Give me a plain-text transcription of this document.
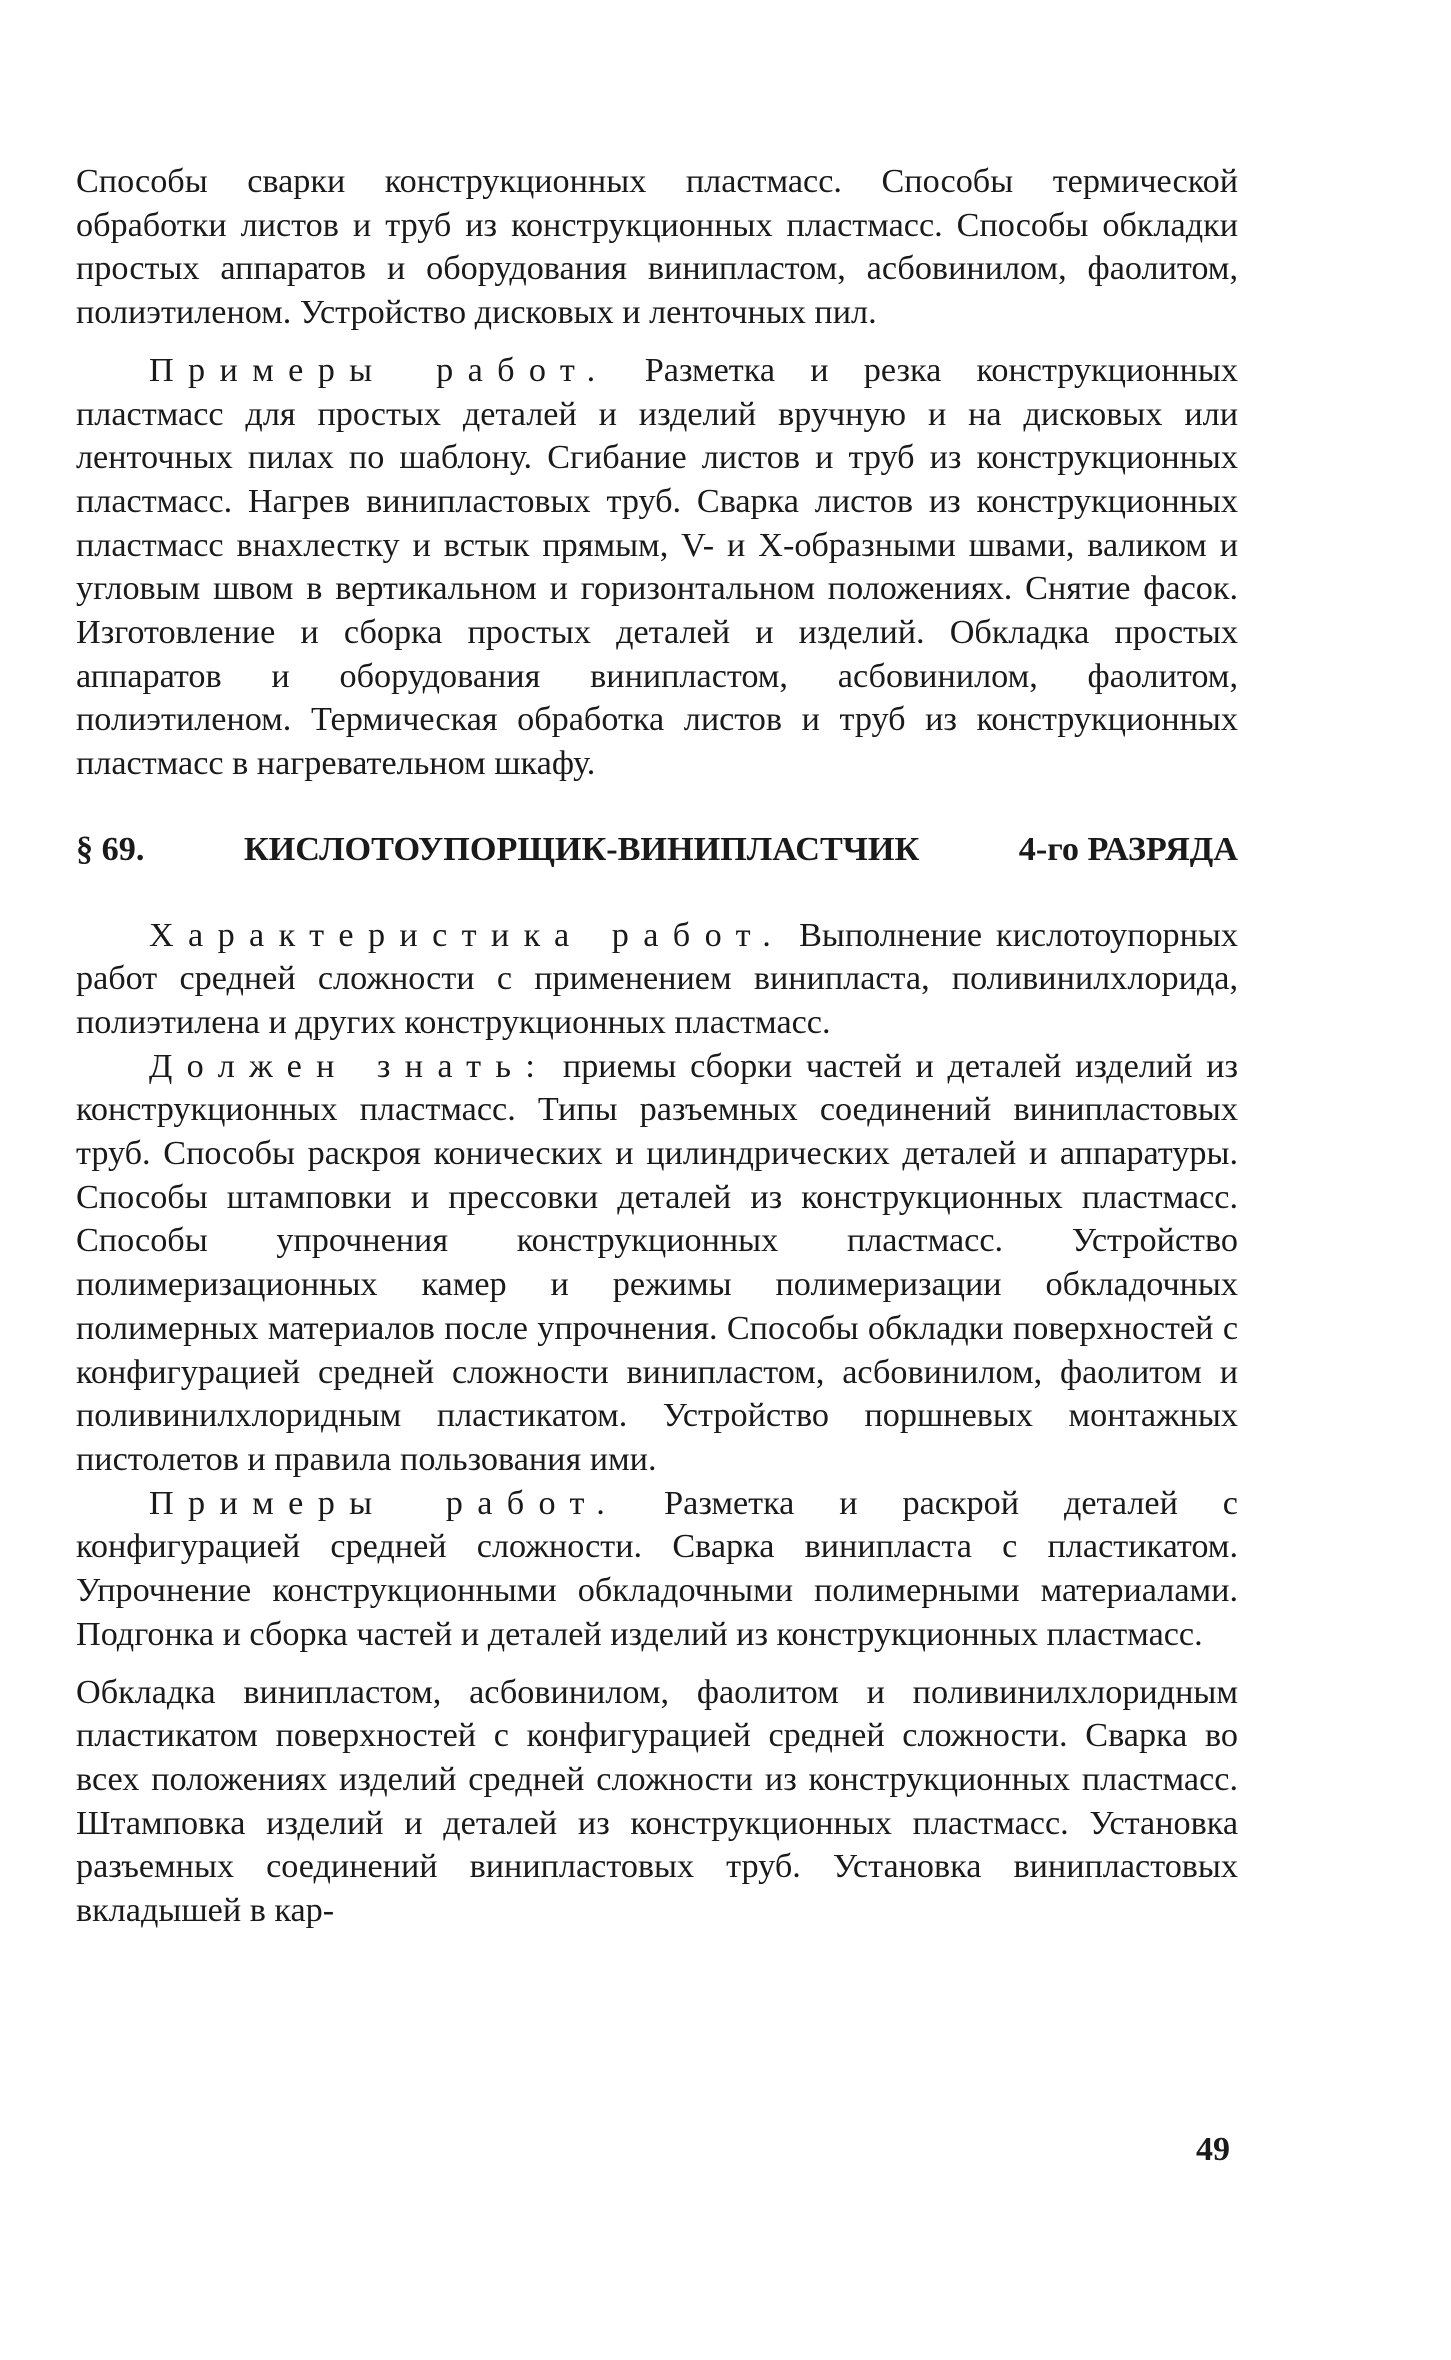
Способы сварки конструкционных пластмасс. Способы термической обработки листов и труб из конструкционных пластмасс. Способы обкладки простых аппаратов и оборудования винипластом, асбовинилом, фаолитом, полиэтиленом. Устройство дисковых и ленточных пил.

Примеры работ. Разметка и резка конструкционных пластмасс для простых деталей и изделий вручную и на дисковых или ленточных пилах по шаблону. Сгибание листов и труб из конструкционных пластмасс. Нагрев винипластовых труб. Сварка листов из конструкционных пластмасс внахлестку и встык прямым, V- и X-образными швами, валиком и угловым швом в вертикальном и горизонтальном положениях. Снятие фасок. Изготовление и сборка простых деталей и изделий. Обкладка простых аппаратов и оборудования винипластом, асбовинилом, фаолитом, полиэтиленом. Термическая обработка листов и труб из конструкционных пластмасс в нагревательном шкафу.

§ 69.	КИСЛОТОУПОРЩИК-ВИНИПЛАСТЧИК	4-го РАЗРЯДА

Характеристика работ. Выполнение кислотоупорных работ средней сложности с применением винипласта, поливинилхлорида, полиэтилена и других конструкционных пластмасс.

Должен знать: приемы сборки частей и деталей изделий из конструкционных пластмасс. Типы разъемных соединений винипластовых труб. Способы раскроя конических и цилиндрических деталей и аппаратуры. Способы штамповки и прессовки деталей из конструкционных пластмасс. Способы упрочнения конструкционных пластмасс. Устройство полимеризационных камер и режимы полимеризации обкладочных полимерных материалов после упрочнения. Способы обкладки поверхностей с конфигурацией средней сложности винипластом, асбовинилом, фаолитом и поливинилхлоридным пластикатом. Устройство поршневых монтажных пистолетов и правила пользования ими.

Примеры работ. Разметка и раскрой деталей с конфигурацией средней сложности. Сварка винипласта с пластикатом. Упрочнение конструкционными обкладочными полимерными материалами. Подгонка и сборка частей и деталей изделий из конструкционных пластмасс.

Обкладка винипластом, асбовинилом, фаолитом и поливинилхлоридным пластикатом поверхностей с конфигурацией средней сложности. Сварка во всех положениях изделий средней сложности из конструкционных пластмасс. Штамповка изделий и деталей из конструкционных пластмасс. Установка разъемных соединений винипластовых труб. Установка винипластовых вкладышей в кар-

49
